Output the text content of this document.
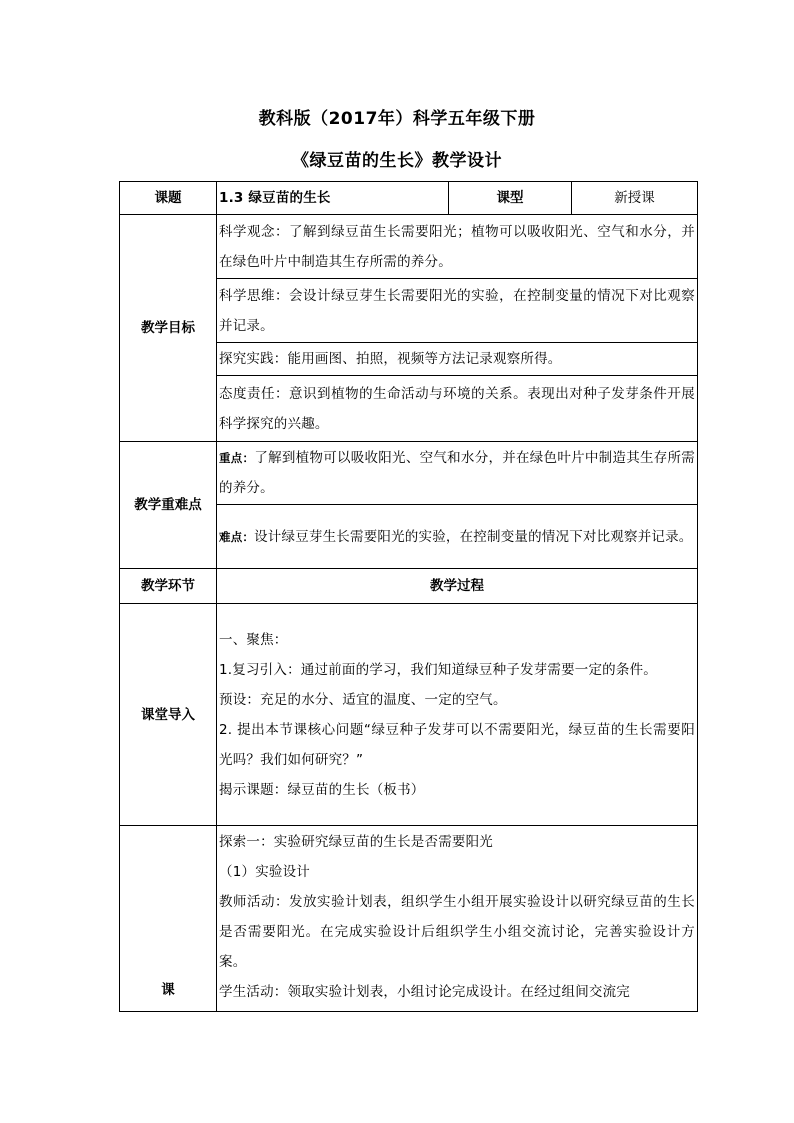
教科版（2017年）科学五年级下册
《绿豆苗的生长》教学设计
课题	1.3 绿豆苗的生长	课型	新授课
教学目标	科学观念：了解到绿豆苗生长需要阳光；植物可以吸收阳光、空气和水分，并在绿色叶片中制造其生存所需的养分。		
	科学思维：会设计绿豆芽生长需要阳光的实验，在控制变量的情况下对比观察并记录。		
	探究实践：能用画图、拍照，视频等方法记录观察所得。		
	态度责任：意识到植物的生命活动与环境的关系。表现出对种子发芽条件开展科学探究的兴趣。		
教学重难点	重点：了解到植物可以吸收阳光、空气和水分，并在绿色叶片中制造其生存所需的养分。		
	难点：设计绿豆芽生长需要阳光的实验，在控制变量的情况下对比观察并记录。		
教学环节	教学过程		
课堂导入	一、聚焦：
1.复习引入：通过前面的学习，我们知道绿豆种子发芽需要一定的条件。
预设：充足的水分、适宜的温度、一定的空气。
2. 提出本节课核心问题“绿豆种子发芽可以不需要阳光，绿豆苗的生长需要阳光吗？我们如何研究？”
揭示课题：绿豆苗的生长（板书）		

课	探索一：实验研究绿豆苗的生长是否需要阳光
（1）实验设计
教师活动：发放实验计划表，组织学生小组开展实验设计以研究绿豆苗的生长是否需要阳光。在完成实验设计后组织学生小组交流讨论，完善实验设计方案。
学生活动：领取实验计划表，小组讨论完成设计。在经过组间交流完		
